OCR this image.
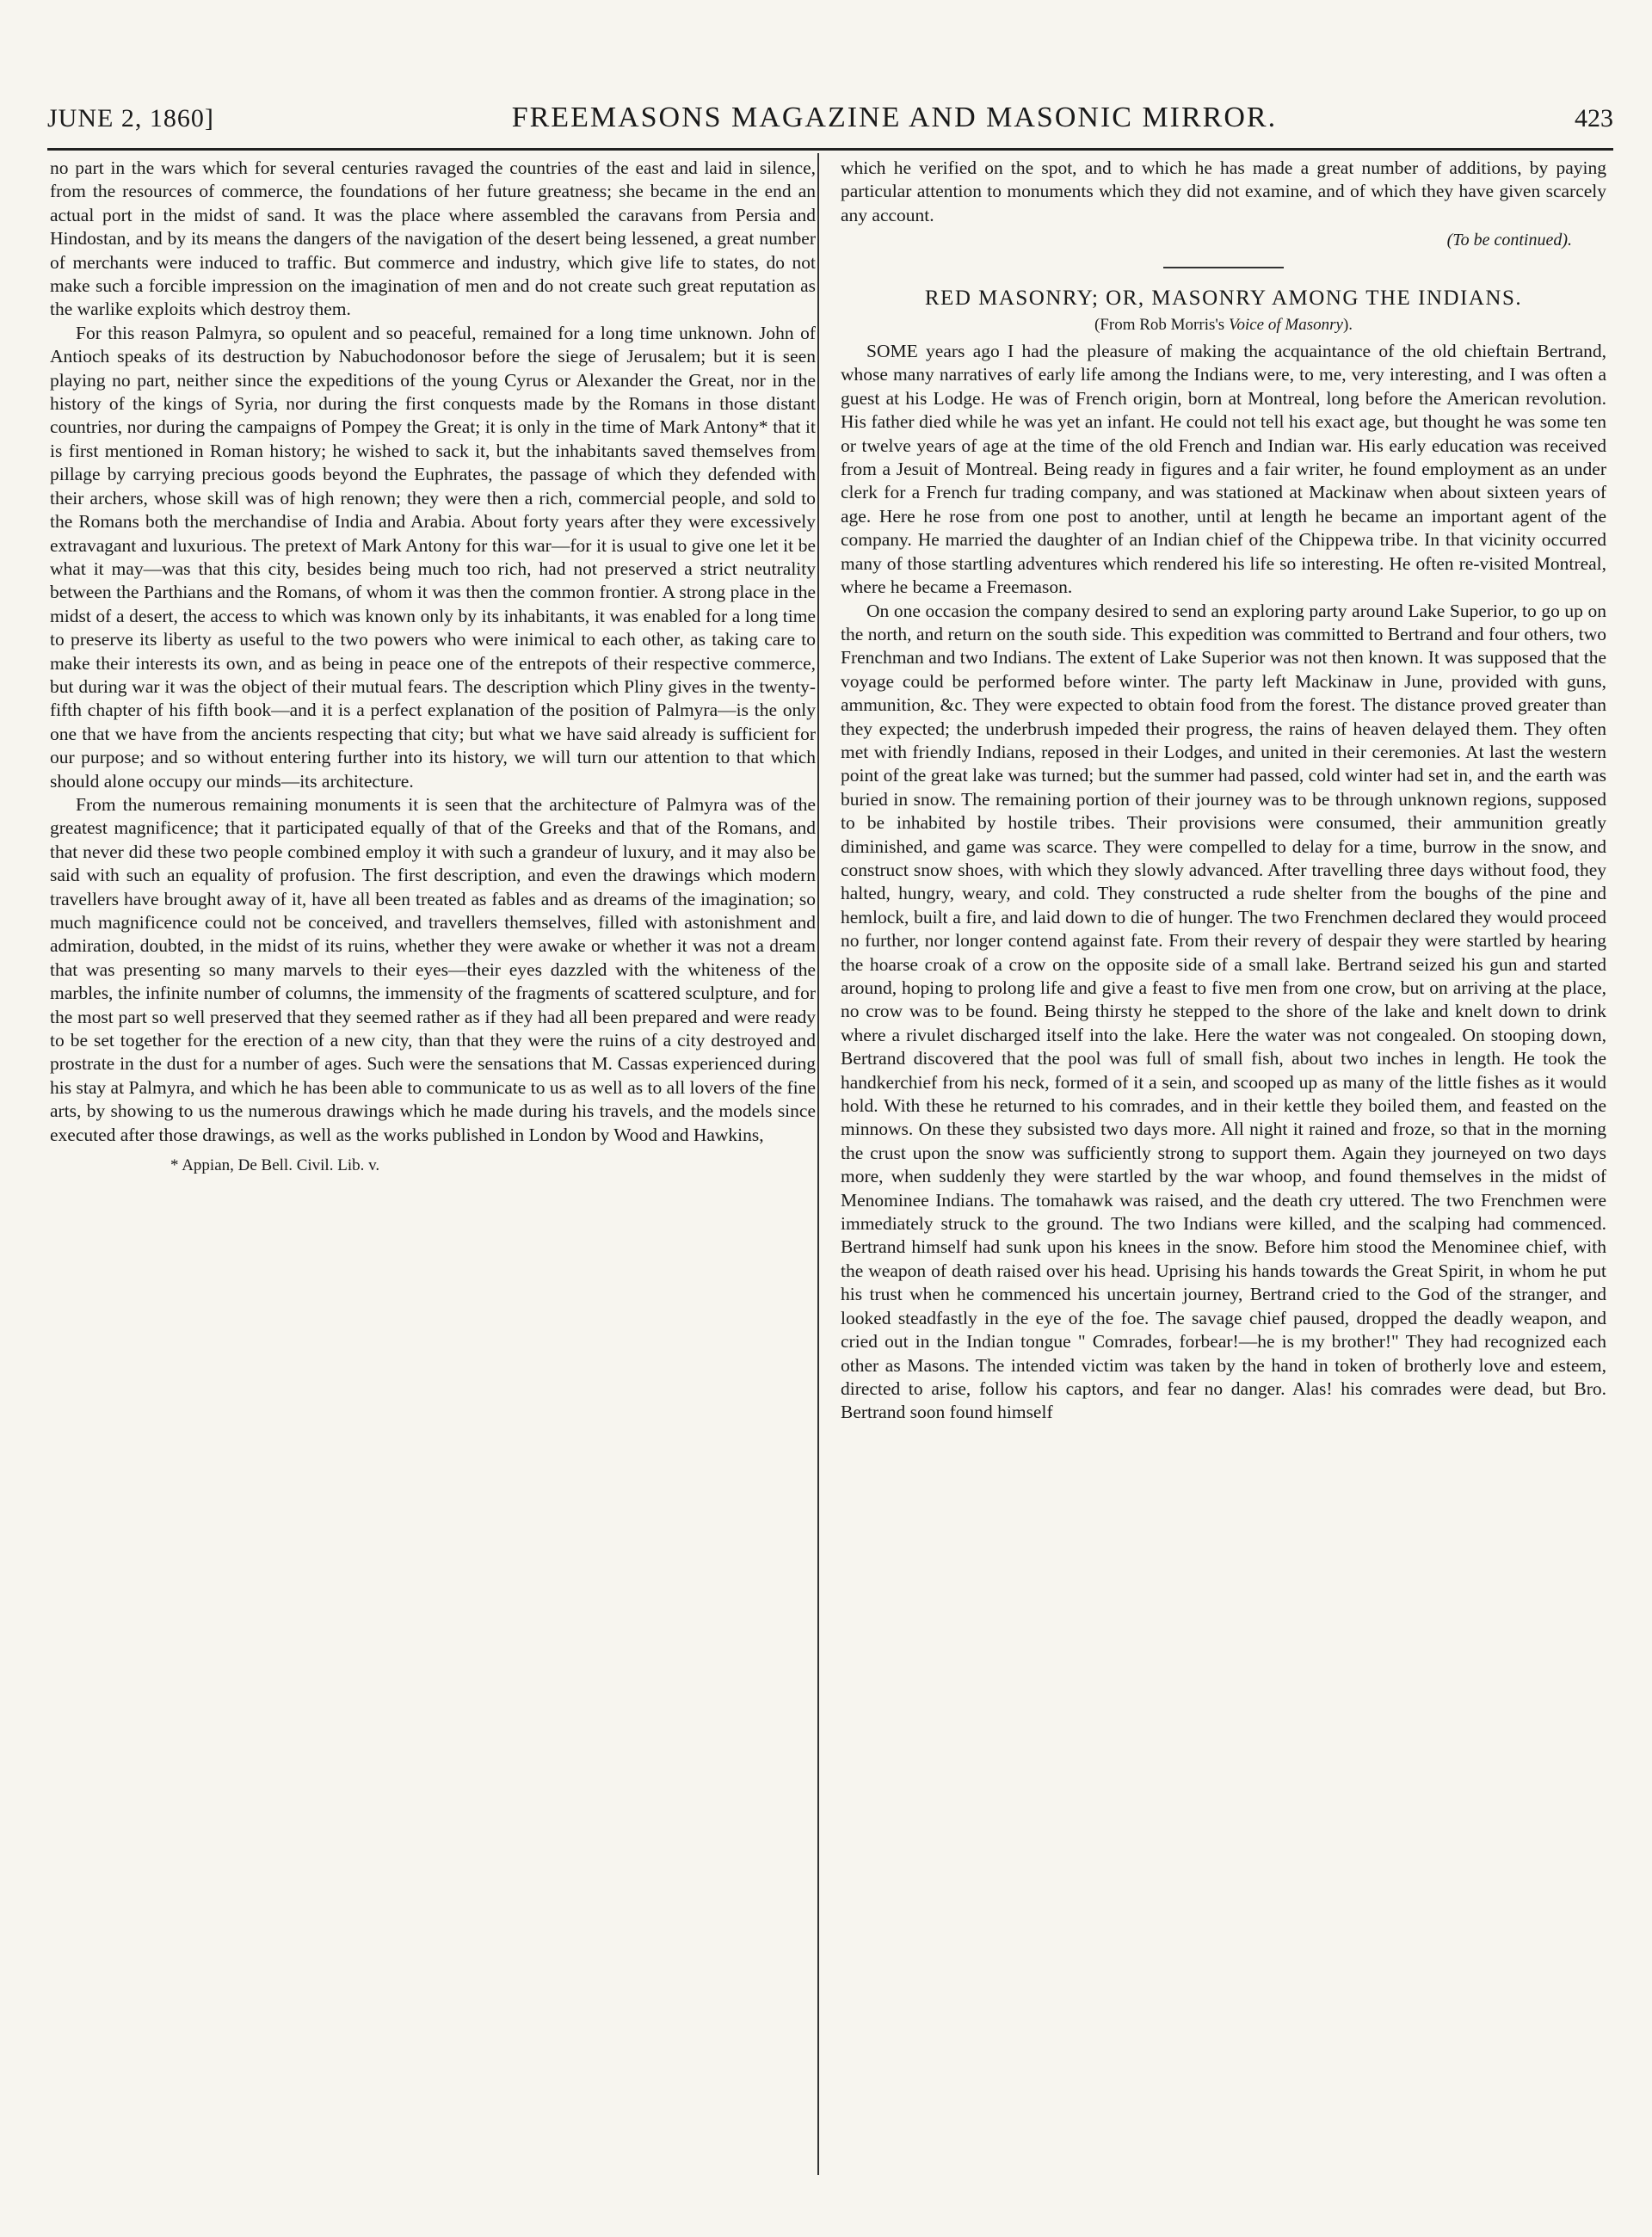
JUNE 2, 1860]	FREEMASONS MAGAZINE AND MASONIC MIRROR.	423

no part in the wars which for several centuries ravaged the countries of the east and laid in silence, from the resources of commerce, the foundations of her future greatness; she became in the end an actual port in the midst of sand. It was the place where assembled the caravans from Persia and Hindostan, and by its means the dangers of the navigation of the desert being lessened, a great number of merchants were induced to traffic. But commerce and industry, which give life to states, do not make such a forcible impression on the imagination of men and do not create such great reputation as the warlike exploits which destroy them.

For this reason Palmyra, so opulent and so peaceful, remained for a long time unknown. John of Antioch speaks of its destruction by Nabuchodonosor before the siege of Jerusalem; but it is seen playing no part, neither since the expeditions of the young Cyrus or Alexander the Great, nor in the history of the kings of Syria, nor during the first conquests made by the Romans in those distant countries, nor during the campaigns of Pompey the Great; it is only in the time of Mark Antony* that it is first mentioned in Roman history; he wished to sack it, but the inhabitants saved themselves from pillage by carrying precious goods beyond the Euphrates, the passage of which they defended with their archers, whose skill was of high renown; they were then a rich, commercial people, and sold to the Romans both the merchandise of India and Arabia. About forty years after they were excessively extravagant and luxurious. The pretext of Mark Antony for this war—for it is usual to give one let it be what it may—was that this city, besides being much too rich, had not preserved a strict neutrality between the Parthians and the Romans, of whom it was then the common frontier. A strong place in the midst of a desert, the access to which was known only by its inhabitants, it was enabled for a long time to preserve its liberty as useful to the two powers who were inimical to each other, as taking care to make their interests its own, and as being in peace one of the entrepots of their respective commerce, but during war it was the object of their mutual fears. The description which Pliny gives in the twenty-fifth chapter of his fifth book—and it is a perfect explanation of the position of Palmyra—is the only one that we have from the ancients respecting that city; but what we have said already is sufficient for our purpose; and so without entering further into its history, we will turn our attention to that which should alone occupy our minds—its architecture.

From the numerous remaining monuments it is seen that the architecture of Palmyra was of the greatest magnificence; that it participated equally of that of the Greeks and that of the Romans, and that never did these two people combined employ it with such a grandeur of luxury, and it may also be said with such an equality of profusion. The first description, and even the drawings which modern travellers have brought away of it, have all been treated as fables and as dreams of the imagination; so much magnificence could not be conceived, and travellers themselves, filled with astonishment and admiration, doubted, in the midst of its ruins, whether they were awake or whether it was not a dream that was presenting so many marvels to their eyes—their eyes dazzled with the whiteness of the marbles, the infinite number of columns, the immensity of the fragments of scattered sculpture, and for the most part so well preserved that they seemed rather as if they had all been prepared and were ready to be set together for the erection of a new city, than that they were the ruins of a city destroyed and prostrate in the dust for a number of ages. Such were the sensations that M. Cassas experienced during his stay at Palmyra, and which he has been able to communicate to us as well as to all lovers of the fine arts, by showing to us the numerous drawings which he made during his travels, and the models since executed after those drawings, as well as the works published in London by Wood and Hawkins,

* Appian, De Bell. Civil. Lib. v.

which he verified on the spot, and to which he has made a great number of additions, by paying particular attention to monuments which they did not examine, and of which they have given scarcely any account.

(To be continued).
RED MASONRY; OR, MASONRY AMONG THE INDIANS.
(From Rob Morris's Voice of Masonry).

SOME years ago I had the pleasure of making the acquaintance of the old chieftain Bertrand, whose many narratives of early life among the Indians were, to me, very interesting, and I was often a guest at his Lodge. He was of French origin, born at Montreal, long before the American revolution. His father died while he was yet an infant. He could not tell his exact age, but thought he was some ten or twelve years of age at the time of the old French and Indian war. His early education was received from a Jesuit of Montreal. Being ready in figures and a fair writer, he found employment as an under clerk for a French fur trading company, and was stationed at Mackinaw when about sixteen years of age. Here he rose from one post to another, until at length he became an important agent of the company. He married the daughter of an Indian chief of the Chippewa tribe. In that vicinity occurred many of those startling adventures which rendered his life so interesting. He often re-visited Montreal, where he became a Freemason.

On one occasion the company desired to send an exploring party around Lake Superior, to go up on the north, and return on the south side. This expedition was committed to Bertrand and four others, two Frenchman and two Indians. The extent of Lake Superior was not then known. It was supposed that the voyage could be performed before winter. The party left Mackinaw in June, provided with guns, ammunition, &c. They were expected to obtain food from the forest. The distance proved greater than they expected; the underbrush impeded their progress, the rains of heaven delayed them. They often met with friendly Indians, reposed in their Lodges, and united in their ceremonies. At last the western point of the great lake was turned; but the summer had passed, cold winter had set in, and the earth was buried in snow. The remaining portion of their journey was to be through unknown regions, supposed to be inhabited by hostile tribes. Their provisions were consumed, their ammunition greatly diminished, and game was scarce. They were compelled to delay for a time, burrow in the snow, and construct snow shoes, with which they slowly advanced. After travelling three days without food, they halted, hungry, weary, and cold. They constructed a rude shelter from the boughs of the pine and hemlock, built a fire, and laid down to die of hunger. The two Frenchmen declared they would proceed no further, nor longer contend against fate. From their revery of despair they were startled by hearing the hoarse croak of a crow on the opposite side of a small lake. Bertrand seized his gun and started around, hoping to prolong life and give a feast to five men from one crow, but on arriving at the place, no crow was to be found. Being thirsty he stepped to the shore of the lake and knelt down to drink where a rivulet discharged itself into the lake. Here the water was not congealed. On stooping down, Bertrand discovered that the pool was full of small fish, about two inches in length. He took the handkerchief from his neck, formed of it a sein, and scooped up as many of the little fishes as it would hold. With these he returned to his comrades, and in their kettle they boiled them, and feasted on the minnows. On these they subsisted two days more. All night it rained and froze, so that in the morning the crust upon the snow was sufficiently strong to support them. Again they journeyed on two days more, when suddenly they were startled by the war whoop, and found themselves in the midst of Menominee Indians. The tomahawk was raised, and the death cry uttered. The two Frenchmen were immediately struck to the ground. The two Indians were killed, and the scalping had commenced. Bertrand himself had sunk upon his knees in the snow. Before him stood the Menominee chief, with the weapon of death raised over his head. Uprising his hands towards the Great Spirit, in whom he put his trust when he commenced his uncertain journey, Bertrand cried to the God of the stranger, and looked steadfastly in the eye of the foe. The savage chief paused, dropped the deadly weapon, and cried out in the Indian tongue " Comrades, forbear!—he is my brother!" They had recognized each other as Masons. The intended victim was taken by the hand in token of brotherly love and esteem, directed to arise, follow his captors, and fear no danger. Alas! his comrades were dead, but Bro. Bertrand soon found himself
